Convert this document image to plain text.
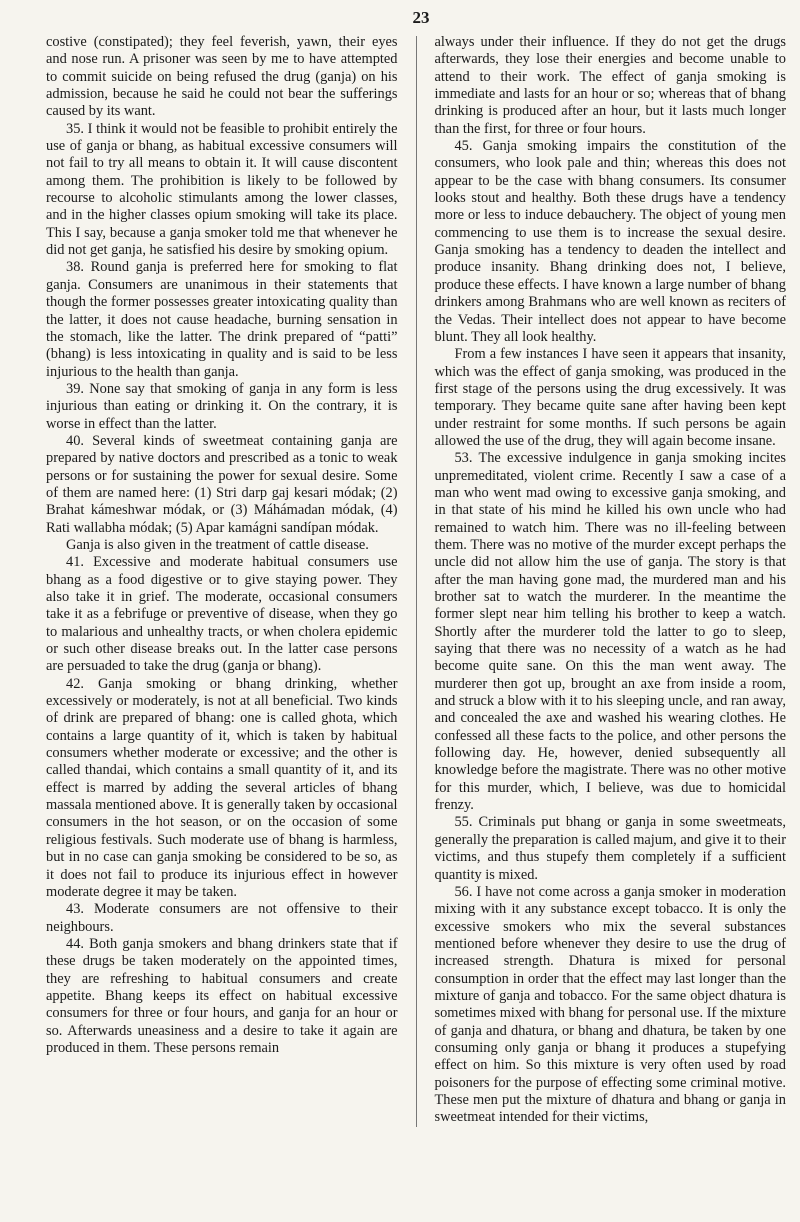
23

costive (constipated); they feel feverish, yawn, their eyes and nose run. A prisoner was seen by me to have attempted to commit suicide on being refused the drug (ganja) on his admission, because he said he could not bear the sufferings caused by its want.

35. I think it would not be feasible to prohibit entirely the use of ganja or bhang, as habitual excessive consumers will not fail to try all means to obtain it. It will cause discontent among them. The prohibition is likely to be followed by recourse to alcoholic stimulants among the lower classes, and in the higher classes opium smoking will take its place. This I say, because a ganja smoker told me that whenever he did not get ganja, he satisfied his desire by smoking opium.

38. Round ganja is preferred here for smoking to flat ganja. Consumers are unanimous in their statements that though the former possesses greater intoxicating quality than the latter, it does not cause headache, burning sensation in the stomach, like the latter. The drink prepared of “patti” (bhang) is less intoxicating in quality and is said to be less injurious to the health than ganja.

39. None say that smoking of ganja in any form is less injurious than eating or drinking it. On the contrary, it is worse in effect than the latter.

40. Several kinds of sweetmeat containing ganja are prepared by native doctors and prescribed as a tonic to weak persons or for sustaining the power for sexual desire. Some of them are named here: (1) Stri darp gaj kesari módak; (2) Brahat kámeshwar módak, or (3) Máhámadan módak, (4) Rati wallabha módak; (5) Apar kamágni sandípan módak.

Ganja is also given in the treatment of cattle disease.

41. Excessive and moderate habitual consumers use bhang as a food digestive or to give staying power. They also take it in grief. The moderate, occasional consumers take it as a febrifuge or preventive of disease, when they go to malarious and unhealthy tracts, or when cholera epidemic or such other disease breaks out. In the latter case persons are persuaded to take the drug (ganja or bhang).

42. Ganja smoking or bhang drinking, whether excessively or moderately, is not at all beneficial. Two kinds of drink are prepared of bhang: one is called ghota, which contains a large quantity of it, which is taken by habitual consumers whether moderate or excessive; and the other is called thandai, which contains a small quantity of it, and its effect is marred by adding the several articles of bhang massala mentioned above. It is generally taken by occasional consumers in the hot season, or on the occasion of some religious festivals. Such moderate use of bhang is harmless, but in no case can ganja smoking be considered to be so, as it does not fail to produce its injurious effect in however moderate degree it may be taken.

43. Moderate consumers are not offensive to their neighbours.

44. Both ganja smokers and bhang drinkers state that if these drugs be taken moderately on the appointed times, they are refreshing to habitual consumers and create appetite. Bhang keeps its effect on habitual excessive consumers for three or four hours, and ganja for an hour or so. Afterwards uneasiness and a desire to take it again are produced in them. These persons remain

always under their influence. If they do not get the drugs afterwards, they lose their energies and become unable to attend to their work. The effect of ganja smoking is immediate and lasts for an hour or so; whereas that of bhang drinking is produced after an hour, but it lasts much longer than the first, for three or four hours.

45. Ganja smoking impairs the constitution of the consumers, who look pale and thin; whereas this does not appear to be the case with bhang consumers. Its consumer looks stout and healthy. Both these drugs have a tendency more or less to induce debauchery. The object of young men commencing to use them is to increase the sexual desire. Ganja smoking has a tendency to deaden the intellect and produce insanity. Bhang drinking does not, I believe, produce these effects. I have known a large number of bhang drinkers among Brahmans who are well known as reciters of the Vedas. Their intellect does not appear to have become blunt. They all look healthy.

From a few instances I have seen it appears that insanity, which was the effect of ganja smoking, was produced in the first stage of the persons using the drug excessively. It was temporary. They became quite sane after having been kept under restraint for some months. If such persons be again allowed the use of the drug, they will again become insane.

53. The excessive indulgence in ganja smoking incites unpremeditated, violent crime. Recently I saw a case of a man who went mad owing to excessive ganja smoking, and in that state of his mind he killed his own uncle who had remained to watch him. There was no ill-feeling between them. There was no motive of the murder except perhaps the uncle did not allow him the use of ganja. The story is that after the man having gone mad, the murdered man and his brother sat to watch the murderer. In the meantime the former slept near him telling his brother to keep a watch. Shortly after the murderer told the latter to go to sleep, saying that there was no necessity of a watch as he had become quite sane. On this the man went away. The murderer then got up, brought an axe from inside a room, and struck a blow with it to his sleeping uncle, and ran away, and concealed the axe and washed his wearing clothes. He confessed all these facts to the police, and other persons the following day. He, however, denied subsequently all knowledge before the magistrate. There was no other motive for this murder, which, I believe, was due to homicidal frenzy.

55. Criminals put bhang or ganja in some sweetmeats, generally the preparation is called majum, and give it to their victims, and thus stupefy them completely if a sufficient quantity is mixed.

56. I have not come across a ganja smoker in moderation mixing with it any substance except tobacco. It is only the excessive smokers who mix the several substances mentioned before whenever they desire to use the drug of increased strength. Dhatura is mixed for personal consumption in order that the effect may last longer than the mixture of ganja and tobacco. For the same object dhatura is sometimes mixed with bhang for personal use. If the mixture of ganja and dhatura, or bhang and dhatura, be taken by one consuming only ganja or bhang it produces a stupefying effect on him. So this mixture is very often used by road poisoners for the purpose of effecting some criminal motive. These men put the mixture of dhatura and bhang or ganja in sweetmeat intended for their victims,
